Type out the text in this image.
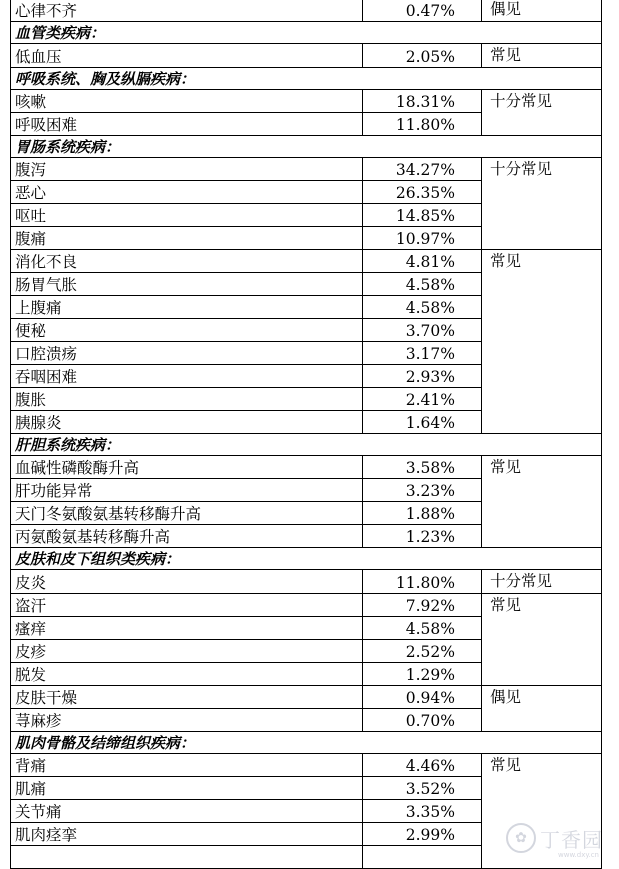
心律不齐	0.47%	偶见	
血管类疾病：			
低血压	2.05%	常见	
呼吸系统、胸及纵膈疾病：			
咳嗽	18.31%	十分常见	
呼吸困难	11.80%		
胃肠系统疾病：			
腹泻	34.27%	十分常见	
恶心	26.35%		
呕吐	14.85%		
腹痛	10.97%		
消化不良	4.81%	常见	
肠胃气胀	4.58%		
上腹痛	4.58%		
便秘	3.70%		
口腔溃疡	3.17%		
吞咽困难	2.93%		
腹胀	2.41%		
胰腺炎	1.64%		
肝胆系统疾病：			
血碱性磷酸酶升高	3.58%	常见	
肝功能异常	3.23%		
天门冬氨酸氨基转移酶升高	1.88%		
丙氨酸氨基转移酶升高	1.23%		
皮肤和皮下组织类疾病：			
皮炎	11.80%	十分常见	
盗汗	7.92%	常见	
瘙痒	4.58%		
皮疹	2.52%		
脱发	1.29%		
皮肤干燥	0.94%	偶见	
荨麻疹	0.70%		
肌肉骨骼及结缔组织疾病：			
背痛	4.46%	常见	
肌痛	3.52%		
关节痛	3.35%		
肌肉痉挛	2.99%		
			✿ 丁香园
www.dxy.cn
